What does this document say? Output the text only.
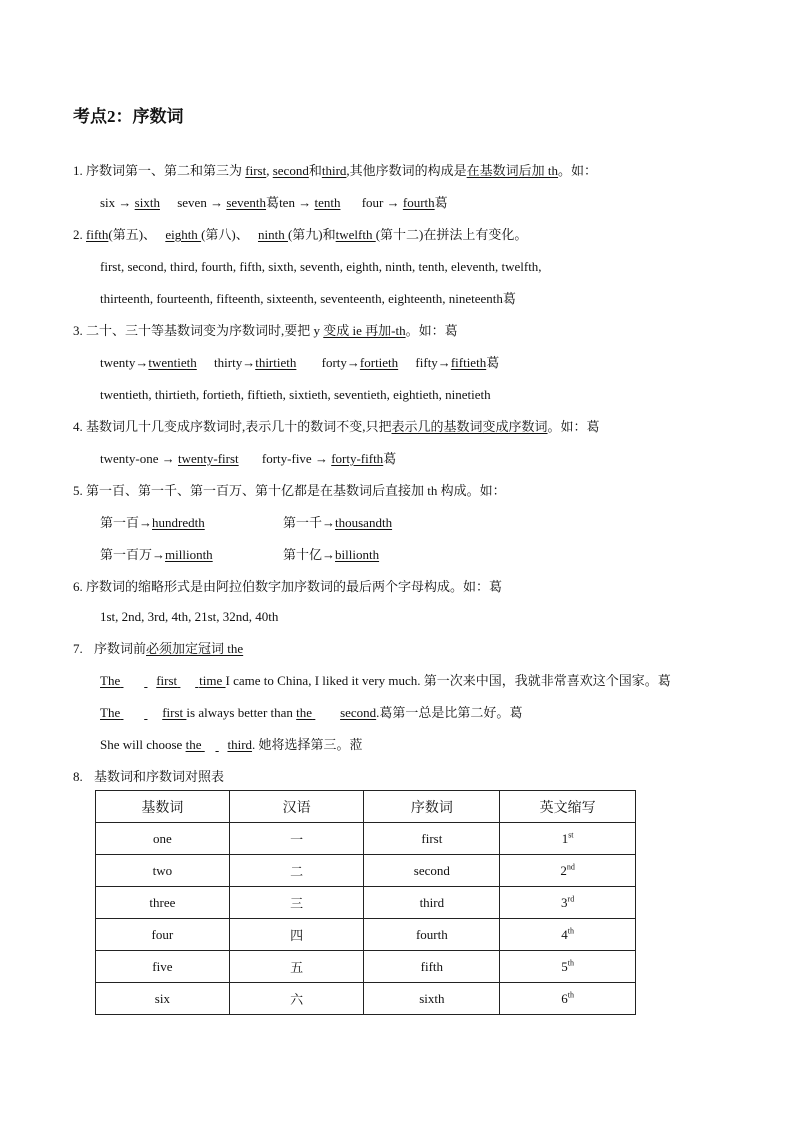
考点2：序数词
1. 序数词第一、第二和第三为 first, second和third,其他序数词的构成是在基数词后加 th。如：
six → sixth seven → seventh葛ten → tenth four → fourth葛
2. fifth(第五)、 eighth (第八)、 ninth (第九)和twelfth (第十二)在拼法上有变化。
first, second, third, fourth, fifth, sixth, seventh, eighth, ninth, tenth, eleventh, twelfth,
thirteenth, fourteenth, fifteenth, sixteenth, seventeenth, eighteenth, nineteenth葛
3. 二十、三十等基数词变为序数词时,要把 y 变成 ie 再加-th。如：葛
twenty→twentieth thirty→thirtieth forty→fortieth fifty→fiftieth葛
twentieth, thirtieth, fortieth, fiftieth, sixtieth, seventieth, eightieth, ninetieth
4. 基数词几十几变成序数词时,表示几十的数词不变,只把表示几的基数词变成序数词。如：葛
twenty-one → twenty-first forty-five → forty-fifth葛
5. 第一百、第一千、第一百万、第十亿都是在基数词后直接加 th 构成。如：
第一百→hundredth	第一千→thousandth
第一百万→millionth	第十亿→billionth
6. 序数词的缩略形式是由阿拉伯数字加序数词的最后两个字母构成。如：葛
1st, 2nd, 3rd, 4th, 21st, 32nd, 40th
7. 序数词前必须加定冠词 the
The	first time I came to China, I liked it very much. 第一次来中国，我就非常喜欢这个国家。葛
The	first is always better than the second.葛第一总是比第二好。葛
She will choose the third. 她将选择第三。蒞
8. 基数词和序数词对照表
基数词	汉语	序数词	英文缩写
one	一	first	1st
two	二	second	2nd
three	三	third	3rd
four	四	fourth	4th
five	五	fifth	5th
six	六	sixth	6th
